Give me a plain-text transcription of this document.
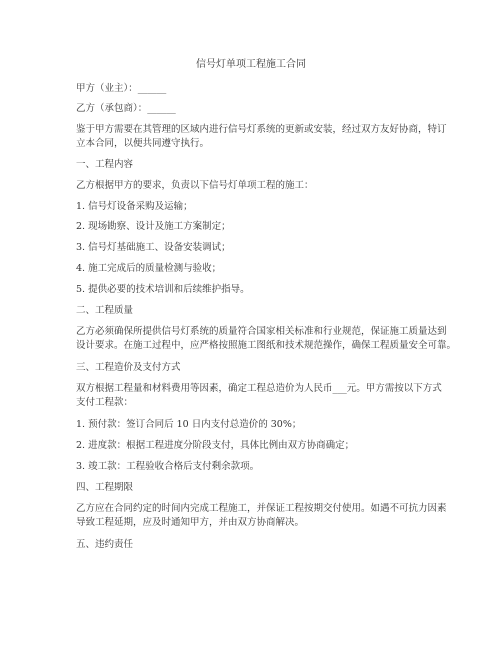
信号灯单项工程施工合同

甲方（业主）：______

乙方（承包商）：______

鉴于甲方需要在其管理的区域内进行信号灯系统的更新或安装，经过双方友好协商，特订

立本合同，以便共同遵守执行。

一、工程内容

乙方根据甲方的要求，负责以下信号灯单项工程的施工：

1. 信号灯设备采购及运输；

2. 现场勘察、设计及施工方案制定；

3. 信号灯基础施工、设备安装调试；

4. 施工完成后的质量检测与验收；

5. 提供必要的技术培训和后续维护指导。

二、工程质量

乙方必须确保所提供信号灯系统的质量符合国家相关标准和行业规范，保证施工质量达到

设计要求。在施工过程中，应严格按照施工图纸和技术规范操作，确保工程质量安全可靠。

三、工程造价及支付方式

双方根据工程量和材料费用等因素，确定工程总造价为人民币___元。甲方需按以下方式

支付工程款：

1. 预付款：签订合同后 10 日内支付总造价的 30%；

2. 进度款：根据工程进度分阶段支付，具体比例由双方协商确定；

3. 竣工款：工程验收合格后支付剩余款项。

四、工程期限

乙方应在合同约定的时间内完成工程施工，并保证工程按期交付使用。如遇不可抗力因素

导致工程延期，应及时通知甲方，并由双方协商解决。

五、违约责任
